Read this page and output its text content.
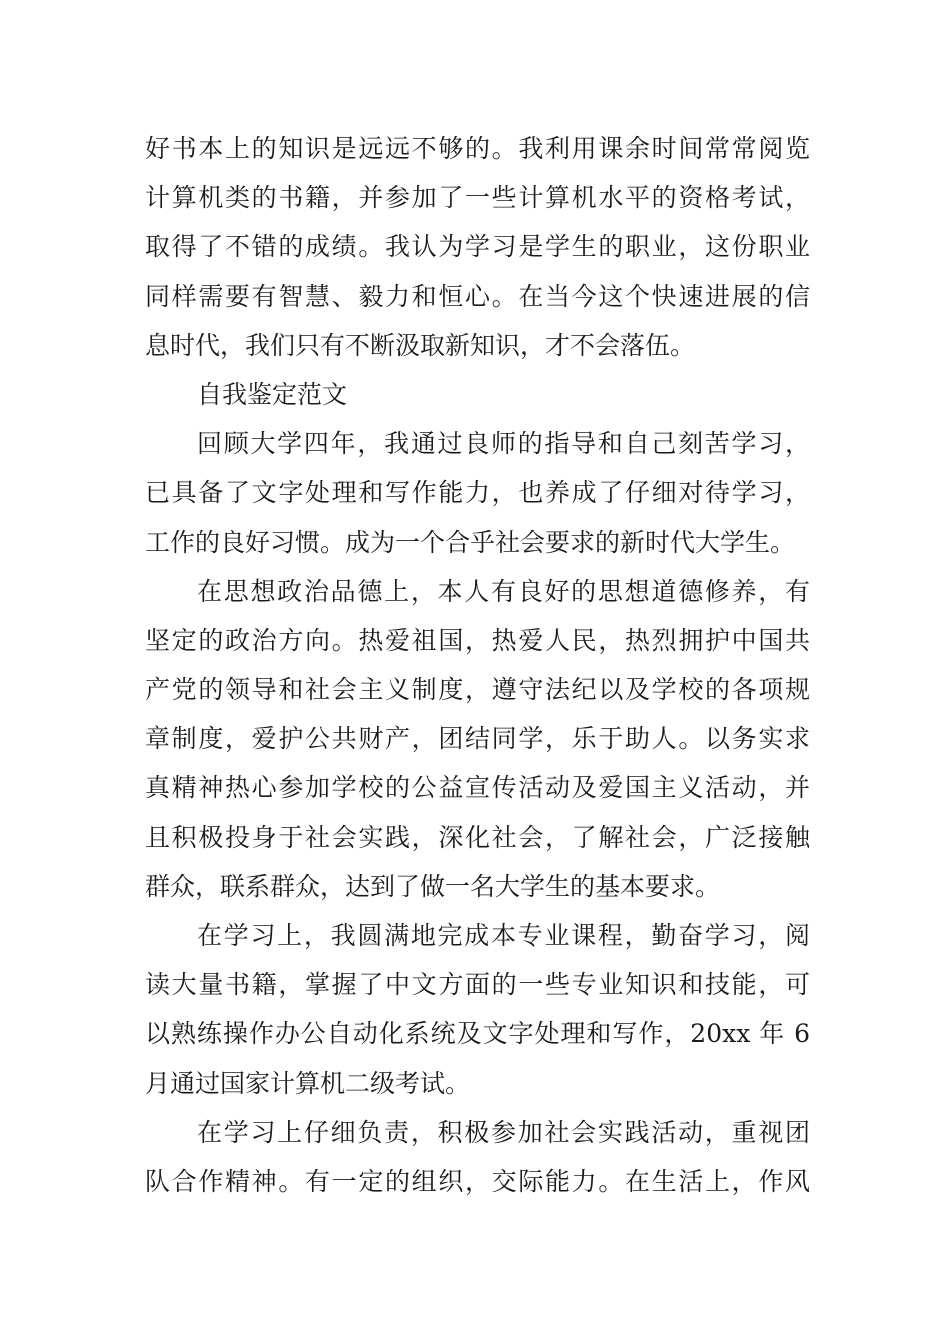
好书本上的知识是远远不够的。我利用课余时间常常阅览
计算机类的书籍，并参加了一些计算机水平的资格考试，
取得了不错的成绩。我认为学习是学生的职业，这份职业
同样需要有智慧、毅力和恒心。在当今这个快速进展的信
息时代，我们只有不断汲取新知识，才不会落伍。
自我鉴定范文
回顾大学四年，我通过良师的指导和自己刻苦学习，
已具备了文字处理和写作能力，也养成了仔细对待学习，
工作的良好习惯。成为一个合乎社会要求的新时代大学生。
在思想政治品德上，本人有良好的思想道德修养，有
坚定的政治方向。热爱祖国，热爱人民，热烈拥护中国共
产党的领导和社会主义制度，遵守法纪以及学校的各项规
章制度，爱护公共财产，团结同学，乐于助人。以务实求
真精神热心参加学校的公益宣传活动及爱国主义活动，并
且积极投身于社会实践，深化社会，了解社会，广泛接触
群众，联系群众，达到了做一名大学生的基本要求。
在学习上，我圆满地完成本专业课程，勤奋学习，阅
读大量书籍，掌握了中文方面的一些专业知识和技能，可
以熟练操作办公自动化系统及文字处理和写作，20xx 年 6
月通过国家计算机二级考试。
在学习上仔细负责，积极参加社会实践活动，重视团
队合作精神。有一定的组织，交际能力。在生活上，作风
